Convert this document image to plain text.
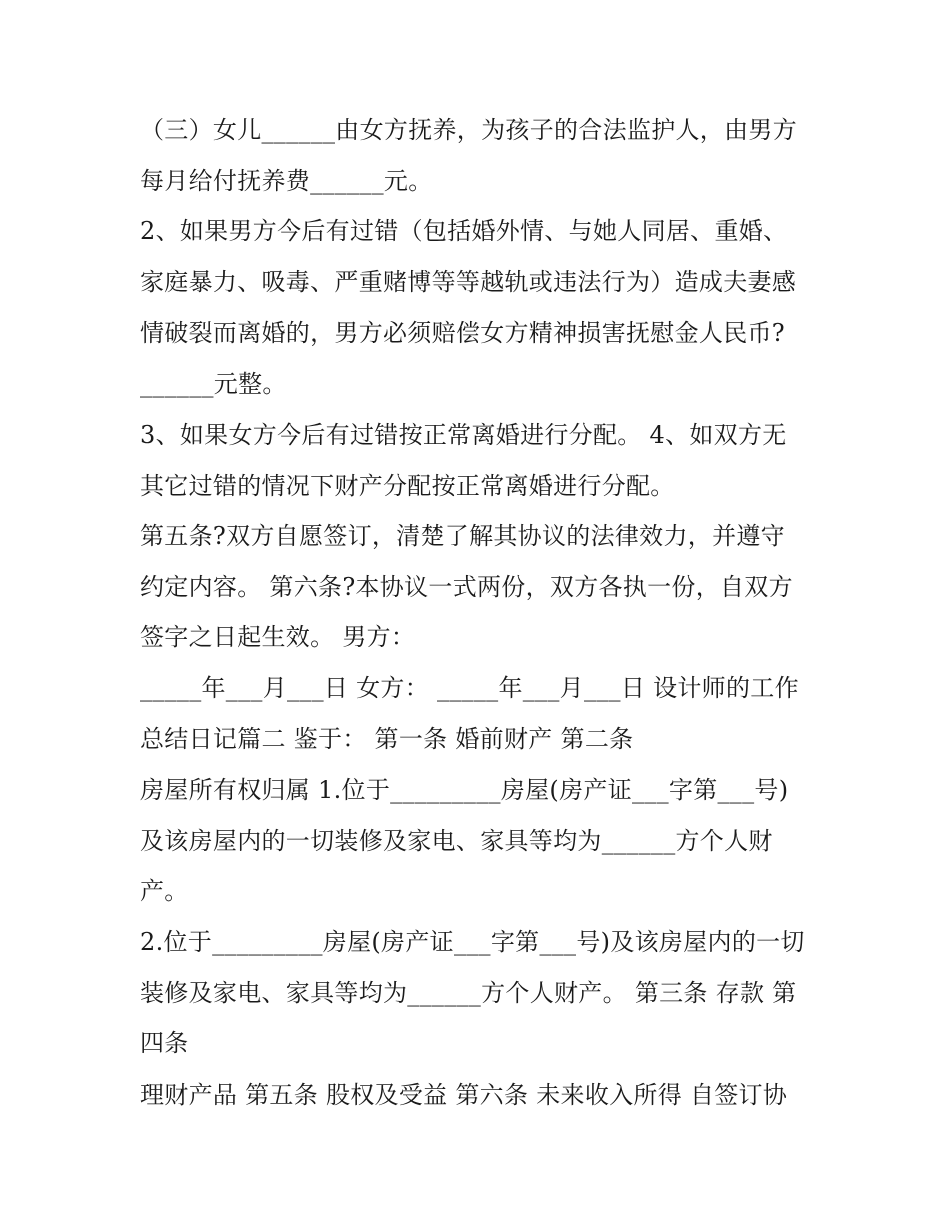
（三）女儿______由女方抚养，为孩子的合法监护人，由男方

每月给付抚养费______元。

2、如果男方今后有过错（包括婚外情、与她人同居、重婚、

家庭暴力、吸毒、严重赌博等等越轨或违法行为）造成夫妻感

情破裂而离婚的，男方必须赔偿女方精神损害抚慰金人民币?

______元整。

3、如果女方今后有过错按正常离婚进行分配。 4、如双方无

其它过错的情况下财产分配按正常离婚进行分配。

第五条?双方自愿签订，清楚了解其协议的法律效力，并遵守

约定内容。 第六条?本协议一式两份，双方各执一份，自双方

签字之日起生效。 男方：

_____年___月___日 女方： _____年___月___日 设计师的工作

总结日记篇二 鉴于： 第一条 婚前财产 第二条

房屋所有权归属 1.位于_________房屋(房产证___字第___号)

及该房屋内的一切装修及家电、家具等均为______方个人财

产。

2.位于_________房屋(房产证___字第___号)及该房屋内的一切

装修及家电、家具等均为______方个人财产。 第三条 存款 第

四条

理财产品 第五条 股权及受益 第六条 未来收入所得 自签订协
